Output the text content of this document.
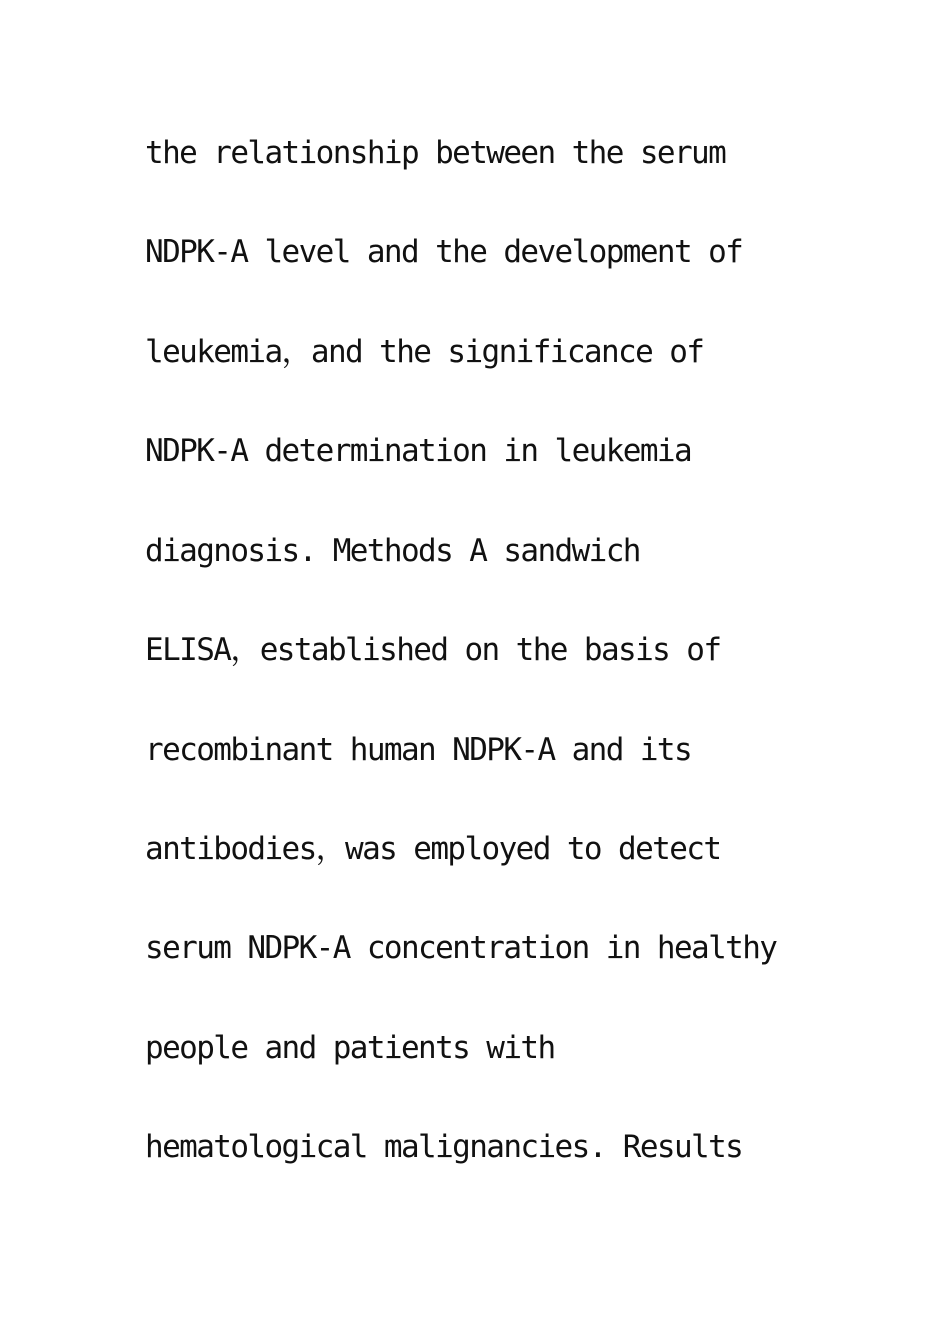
the relationship between the serum
NDPK-A level and the development of
leukemia，and the significance of
NDPK-A determination in leukemia
diagnosis. Methods A sandwich
ELISA，established on the basis of
recombinant human NDPK-A and its
antibodies，was employed to detect
serum NDPK-A concentration in healthy
people and patients with
hematological malignancies. Results
